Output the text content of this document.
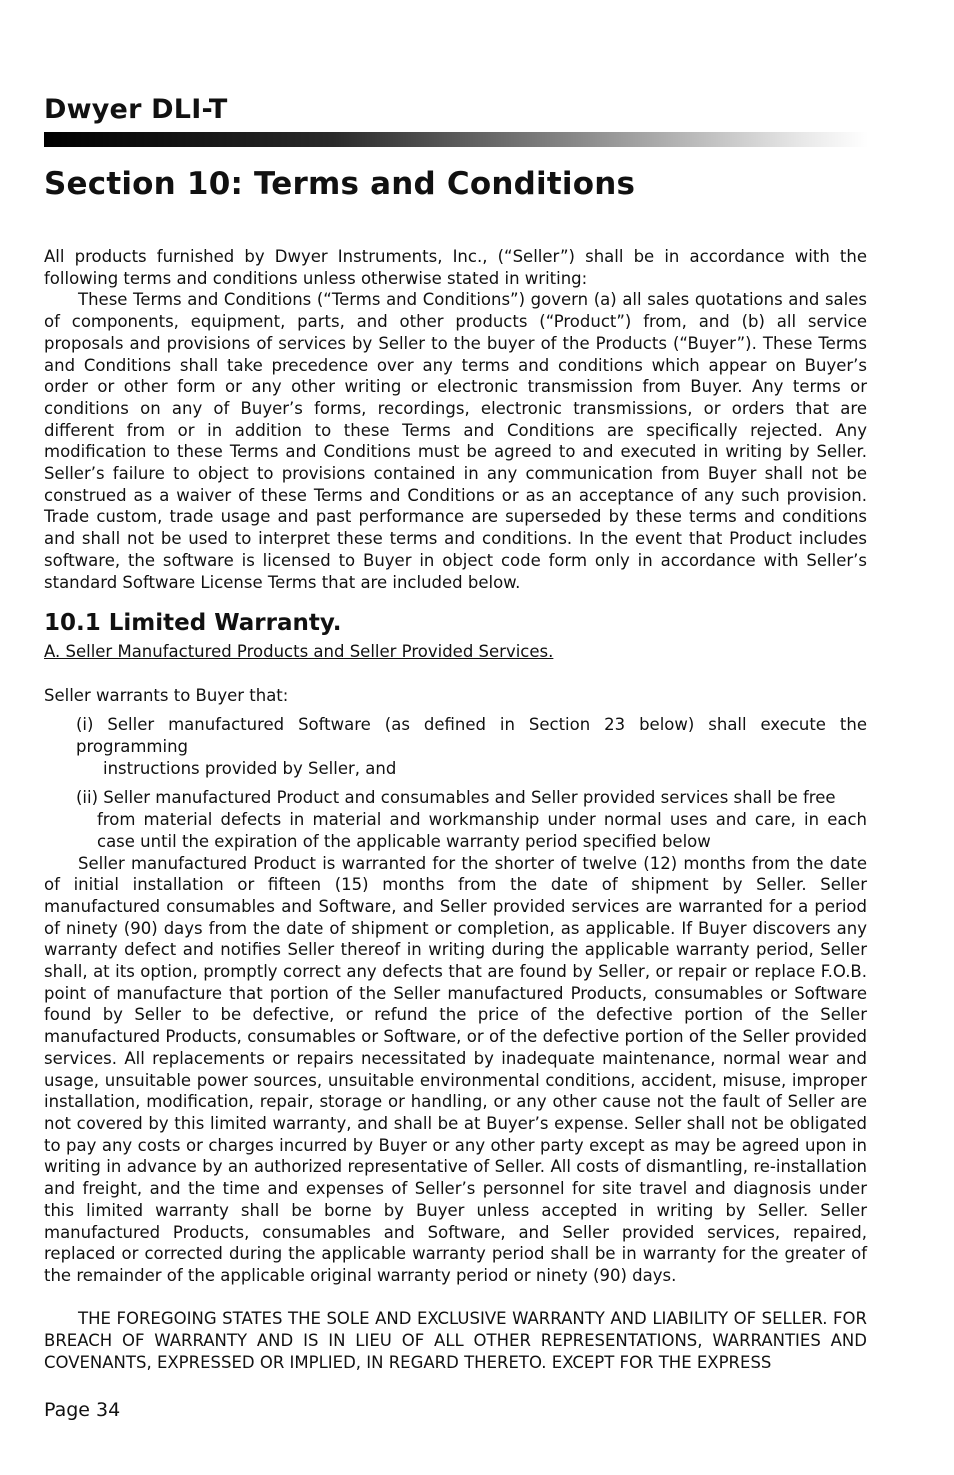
Dwyer DLI-T
Section 10: Terms and Conditions

All products furnished by Dwyer Instruments, Inc., (“Seller”) shall be in accordance with the following terms and conditions unless otherwise stated in writing:

These Terms and Conditions (“Terms and Conditions”) govern (a) all sales quotations and sales of components, equipment, parts, and other products (“Product”) from, and (b) all service proposals and provisions of services by Seller to the buyer of the Products (“Buyer”). These Terms and Conditions shall take precedence over any terms and conditions which appear on Buyer’s order or other form or any other writing or electronic transmission from Buyer. Any terms or conditions on any of Buyer’s forms, recordings, electronic transmissions, or orders that are different from or in addition to these Terms and Conditions are specifically rejected. Any modification to these Terms and Conditions must be agreed to and executed in writing by Seller. Seller’s failure to object to provisions contained in any communication from Buyer shall not be construed as a waiver of these Terms and Conditions or as an acceptance of any such provision. Trade custom, trade usage and past performance are superseded by these terms and conditions and shall not be used to interpret these terms and conditions. In the event that Product includes software, the software is licensed to Buyer in object code form only in accordance with Seller’s standard Software License Terms that are included below.

10.1 Limited Warranty.

A. Seller Manufactured Products and Seller Provided Services.

Seller warrants to Buyer that:

(i) Seller manufactured Software (as defined in Section 23 below) shall execute the programming
instructions provided by Seller, and
(ii) Seller manufactured Product and consumables and Seller provided services shall be free
from material defects in material and workmanship under normal uses and care, in each case until the expiration of the applicable warranty period specified below

Seller manufactured Product is warranted for the shorter of twelve (12) months from the date of initial installation or fifteen (15) months from the date of shipment by Seller. Seller manufactured consumables and Software, and Seller provided services are warranted for a period of ninety (90) days from the date of shipment or completion, as applicable. If Buyer discovers any warranty defect and notifies Seller thereof in writing during the applicable warranty period, Seller shall, at its option, promptly correct any defects that are found by Seller, or repair or replace F.O.B. point of manufacture that portion of the Seller manufactured Products, consumables or Software found by Seller to be defective, or refund the price of the defective portion of the Seller manufactured Products, consumables or Software, or of the defective portion of the Seller provided services. All replacements or repairs necessitated by inadequate maintenance, normal wear and usage, unsuitable power sources, unsuitable environmental conditions, accident, misuse, improper installation, modification, repair, storage or handling, or any other cause not the fault of Seller are not covered by this limited warranty, and shall be at Buyer’s expense. Seller shall not be obligated to pay any costs or charges incurred by Buyer or any other party except as may be agreed upon in writing in advance by an authorized representative of Seller. All costs of dismantling, re-installation and freight, and the time and expenses of Seller’s personnel for site travel and diagnosis under this limited warranty shall be borne by Buyer unless accepted in writing by Seller. Seller manufactured Products, consumables and Software, and Seller provided services, repaired, replaced or corrected during the applicable warranty period shall be in warranty for the greater of the remainder of the applicable original warranty period or ninety (90) days.

THE FOREGOING STATES THE SOLE AND EXCLUSIVE WARRANTY AND LIABILITY OF SELLER. FOR BREACH OF WARRANTY AND IS IN LIEU OF ALL OTHER REPRESENTATIONS, WARRANTIES AND COVENANTS, EXPRESSED OR IMPLIED, IN REGARD THERETO. EXCEPT FOR THE EXPRESS

Page 34
